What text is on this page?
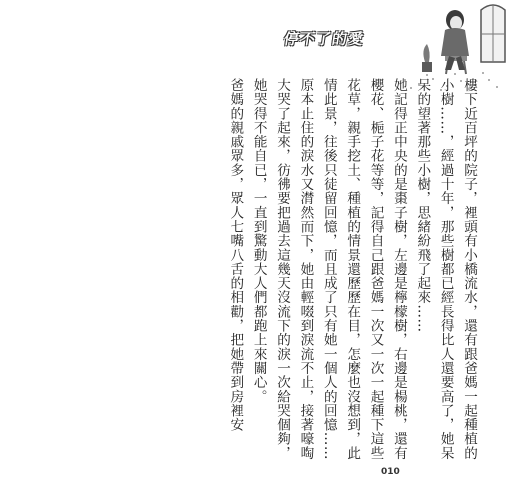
停不了的愛

樓下近百坪的院子，裡頭有小橋流水，還有跟爸媽一起種植的小樹……，經過十年，那些樹都已經長得比人還要高了，她呆呆的望著那些小樹，思緒紛飛了起來……

她記得正中央的是棗子樹，左邊是檸檬樹，右邊是楊桃，還有櫻花、梔子花等等，記得自己跟爸媽一次又一次一起種下這些花草，親手挖土、種植的情景還歷歷在目，怎麼也沒想到，此情此景，往後只徒留回憶，而且成了只有她一個人的回憶……

原本止住的淚水又潸然而下，她由輕啜到淚流不止，接著嚎啕大哭了起來，彷彿要把過去這幾天沒流下的淚一次給哭個夠，她哭得不能自已，一直到驚動大人們都跑上來關心。

爸媽的親戚眾多，眾人七嘴八舌的相勸，把她帶到房裡安

010
